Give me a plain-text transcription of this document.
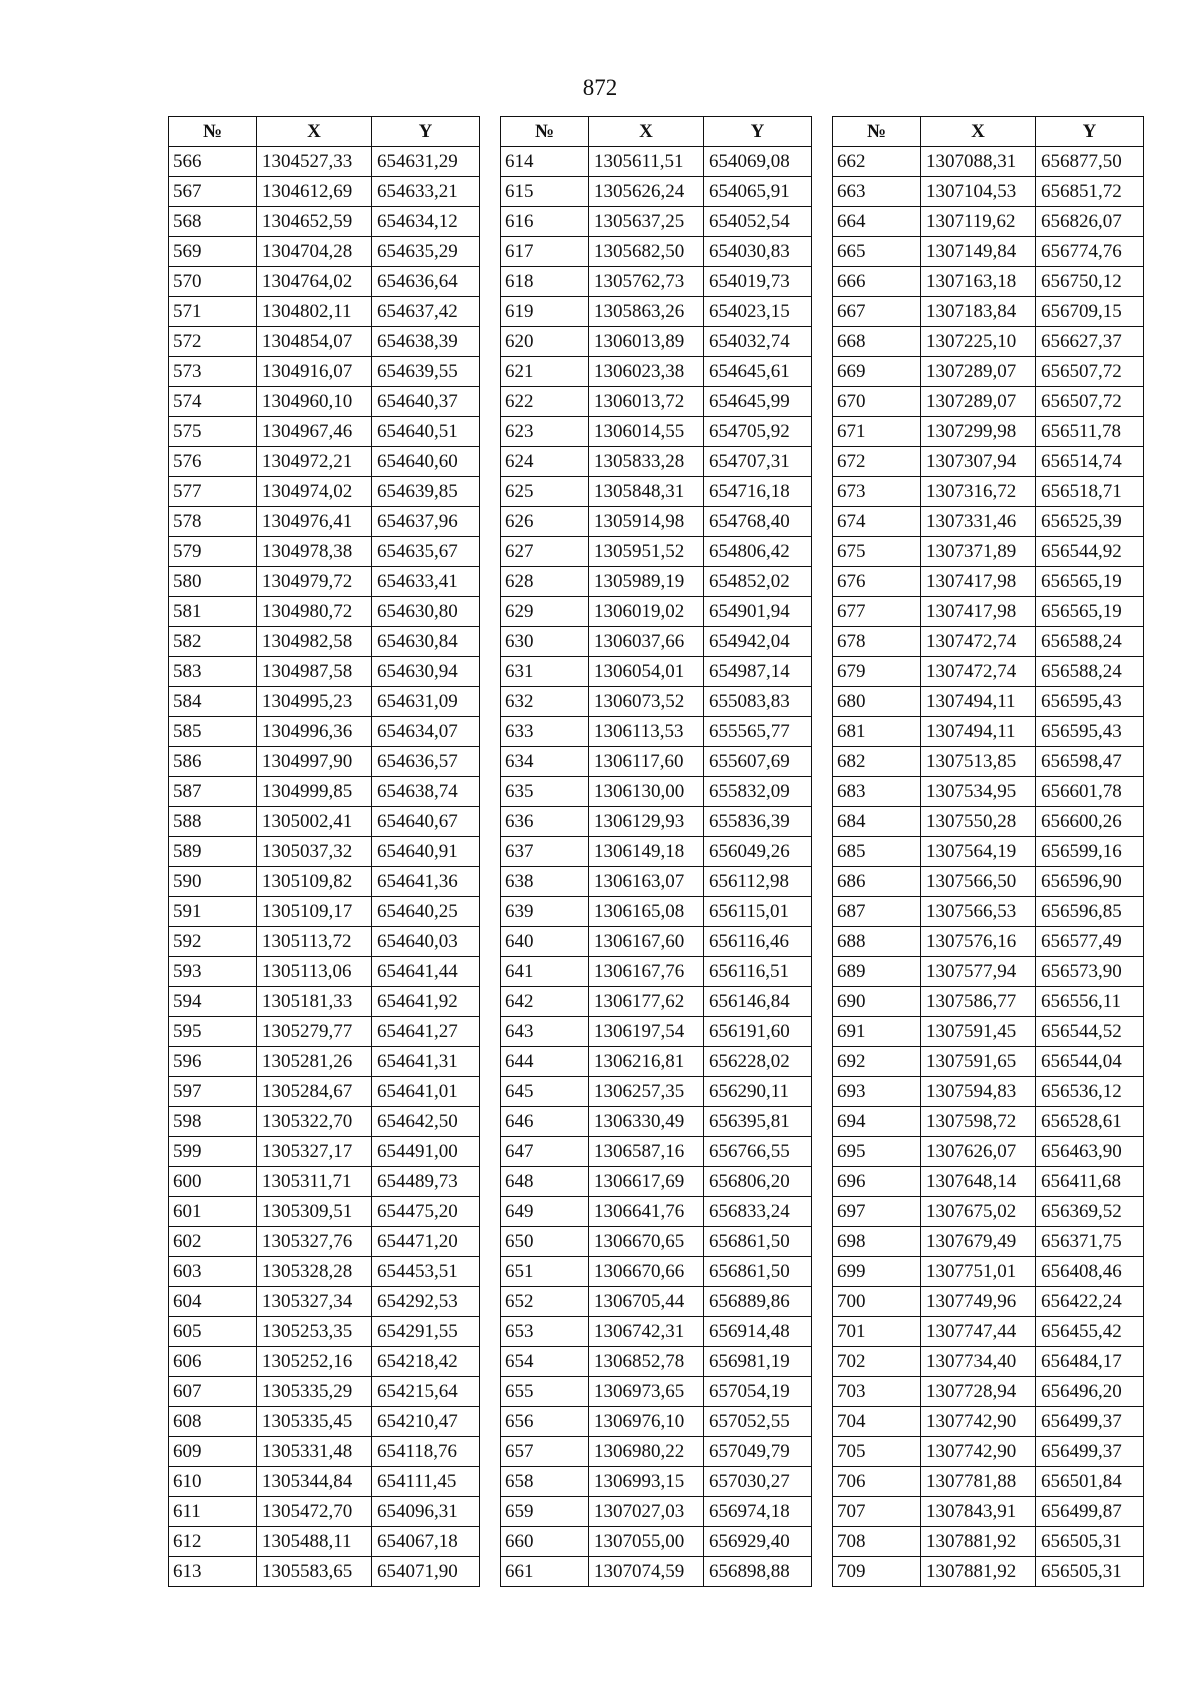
872
№	X	Y
566	1304527,33	654631,29
567	1304612,69	654633,21
568	1304652,59	654634,12
569	1304704,28	654635,29
570	1304764,02	654636,64
571	1304802,11	654637,42
572	1304854,07	654638,39
573	1304916,07	654639,55
574	1304960,10	654640,37
575	1304967,46	654640,51
576	1304972,21	654640,60
577	1304974,02	654639,85
578	1304976,41	654637,96
579	1304978,38	654635,67
580	1304979,72	654633,41
581	1304980,72	654630,80
582	1304982,58	654630,84
583	1304987,58	654630,94
584	1304995,23	654631,09
585	1304996,36	654634,07
586	1304997,90	654636,57
587	1304999,85	654638,74
588	1305002,41	654640,67
589	1305037,32	654640,91
590	1305109,82	654641,36
591	1305109,17	654640,25
592	1305113,72	654640,03
593	1305113,06	654641,44
594	1305181,33	654641,92
595	1305279,77	654641,27
596	1305281,26	654641,31
597	1305284,67	654641,01
598	1305322,70	654642,50
599	1305327,17	654491,00
600	1305311,71	654489,73
601	1305309,51	654475,20
602	1305327,76	654471,20
603	1305328,28	654453,51
604	1305327,34	654292,53
605	1305253,35	654291,55
606	1305252,16	654218,42
607	1305335,29	654215,64
608	1305335,45	654210,47
609	1305331,48	654118,76
610	1305344,84	654111,45
611	1305472,70	654096,31
612	1305488,11	654067,18
613	1305583,65	654071,90
№	X	Y
614	1305611,51	654069,08
615	1305626,24	654065,91
616	1305637,25	654052,54
617	1305682,50	654030,83
618	1305762,73	654019,73
619	1305863,26	654023,15
620	1306013,89	654032,74
621	1306023,38	654645,61
622	1306013,72	654645,99
623	1306014,55	654705,92
624	1305833,28	654707,31
625	1305848,31	654716,18
626	1305914,98	654768,40
627	1305951,52	654806,42
628	1305989,19	654852,02
629	1306019,02	654901,94
630	1306037,66	654942,04
631	1306054,01	654987,14
632	1306073,52	655083,83
633	1306113,53	655565,77
634	1306117,60	655607,69
635	1306130,00	655832,09
636	1306129,93	655836,39
637	1306149,18	656049,26
638	1306163,07	656112,98
639	1306165,08	656115,01
640	1306167,60	656116,46
641	1306167,76	656116,51
642	1306177,62	656146,84
643	1306197,54	656191,60
644	1306216,81	656228,02
645	1306257,35	656290,11
646	1306330,49	656395,81
647	1306587,16	656766,55
648	1306617,69	656806,20
649	1306641,76	656833,24
650	1306670,65	656861,50
651	1306670,66	656861,50
652	1306705,44	656889,86
653	1306742,31	656914,48
654	1306852,78	656981,19
655	1306973,65	657054,19
656	1306976,10	657052,55
657	1306980,22	657049,79
658	1306993,15	657030,27
659	1307027,03	656974,18
660	1307055,00	656929,40
661	1307074,59	656898,88
№	X	Y
662	1307088,31	656877,50
663	1307104,53	656851,72
664	1307119,62	656826,07
665	1307149,84	656774,76
666	1307163,18	656750,12
667	1307183,84	656709,15
668	1307225,10	656627,37
669	1307289,07	656507,72
670	1307289,07	656507,72
671	1307299,98	656511,78
672	1307307,94	656514,74
673	1307316,72	656518,71
674	1307331,46	656525,39
675	1307371,89	656544,92
676	1307417,98	656565,19
677	1307417,98	656565,19
678	1307472,74	656588,24
679	1307472,74	656588,24
680	1307494,11	656595,43
681	1307494,11	656595,43
682	1307513,85	656598,47
683	1307534,95	656601,78
684	1307550,28	656600,26
685	1307564,19	656599,16
686	1307566,50	656596,90
687	1307566,53	656596,85
688	1307576,16	656577,49
689	1307577,94	656573,90
690	1307586,77	656556,11
691	1307591,45	656544,52
692	1307591,65	656544,04
693	1307594,83	656536,12
694	1307598,72	656528,61
695	1307626,07	656463,90
696	1307648,14	656411,68
697	1307675,02	656369,52
698	1307679,49	656371,75
699	1307751,01	656408,46
700	1307749,96	656422,24
701	1307747,44	656455,42
702	1307734,40	656484,17
703	1307728,94	656496,20
704	1307742,90	656499,37
705	1307742,90	656499,37
706	1307781,88	656501,84
707	1307843,91	656499,87
708	1307881,92	656505,31
709	1307881,92	656505,31
